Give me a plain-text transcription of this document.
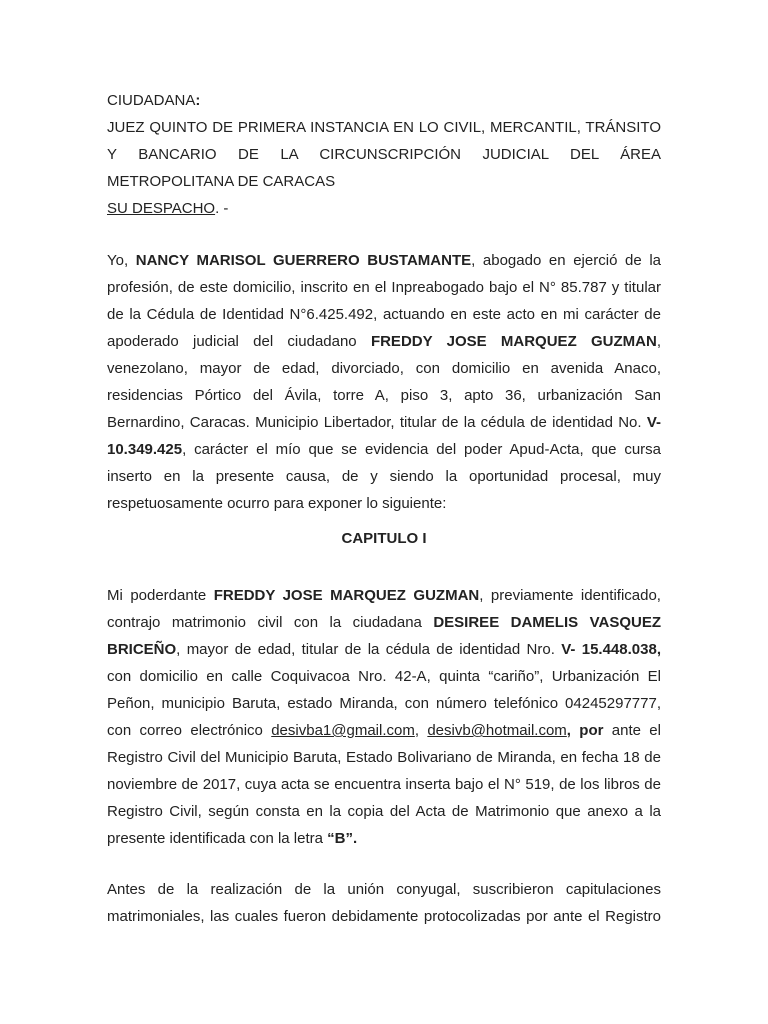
CIUDADANA:
JUEZ QUINTO DE PRIMERA INSTANCIA EN LO CIVIL, MERCANTIL, TRÁNSITO
Y BANCARIO DE LA CIRCUNSCRIPCIÓN JUDICIAL DEL ÁREA
METROPOLITANA DE CARACAS
SU DESPACHO. -
Yo, NANCY MARISOL GUERRERO BUSTAMANTE, abogado en ejerció de la
profesión, de este domicilio, inscrito en el Inpreabogado bajo el N° 85.787 y titular
de la Cédula de Identidad N°6.425.492, actuando en este acto en mi carácter de
apoderado judicial del ciudadano FREDDY JOSE MARQUEZ GUZMAN,
venezolano, mayor de edad, divorciado, con domicilio en avenida Anaco,
residencias Pórtico del Ávila, torre A, piso 3, apto 36, urbanización San
Bernardino, Caracas. Municipio Libertador, titular de la cédula de identidad No. V-
10.349.425, carácter el mío que se evidencia del poder Apud-Acta, que cursa
inserto en la presente causa, de y siendo la oportunidad procesal, muy
respetuosamente ocurro para exponer lo siguiente:
CAPITULO I
Mi poderdante FREDDY JOSE MARQUEZ GUZMAN, previamente identificado,
contrajo matrimonio civil con la ciudadana DESIREE DAMELIS VASQUEZ
BRICEÑO, mayor de edad, titular de la cédula de identidad Nro. V- 15.448.038,
con domicilio en calle Coquivacoa Nro. 42-A, quinta “cariño”, Urbanización El
Peñon, municipio Baruta, estado Miranda, con número telefónico 04245297777,
con correo electrónico desivba1@gmail.com, desivb@hotmail.com, por ante el
Registro Civil del Municipio Baruta, Estado Bolivariano de Miranda, en fecha 18 de
noviembre de 2017, cuya acta se encuentra inserta bajo el N° 519, de los libros de
Registro Civil, según consta en la copia del Acta de Matrimonio que anexo a la
presente identificada con la letra “B”.
Antes de la realización de la unión conyugal, suscribieron capitulaciones
matrimoniales, las cuales fueron debidamente protocolizadas por ante el Registro
